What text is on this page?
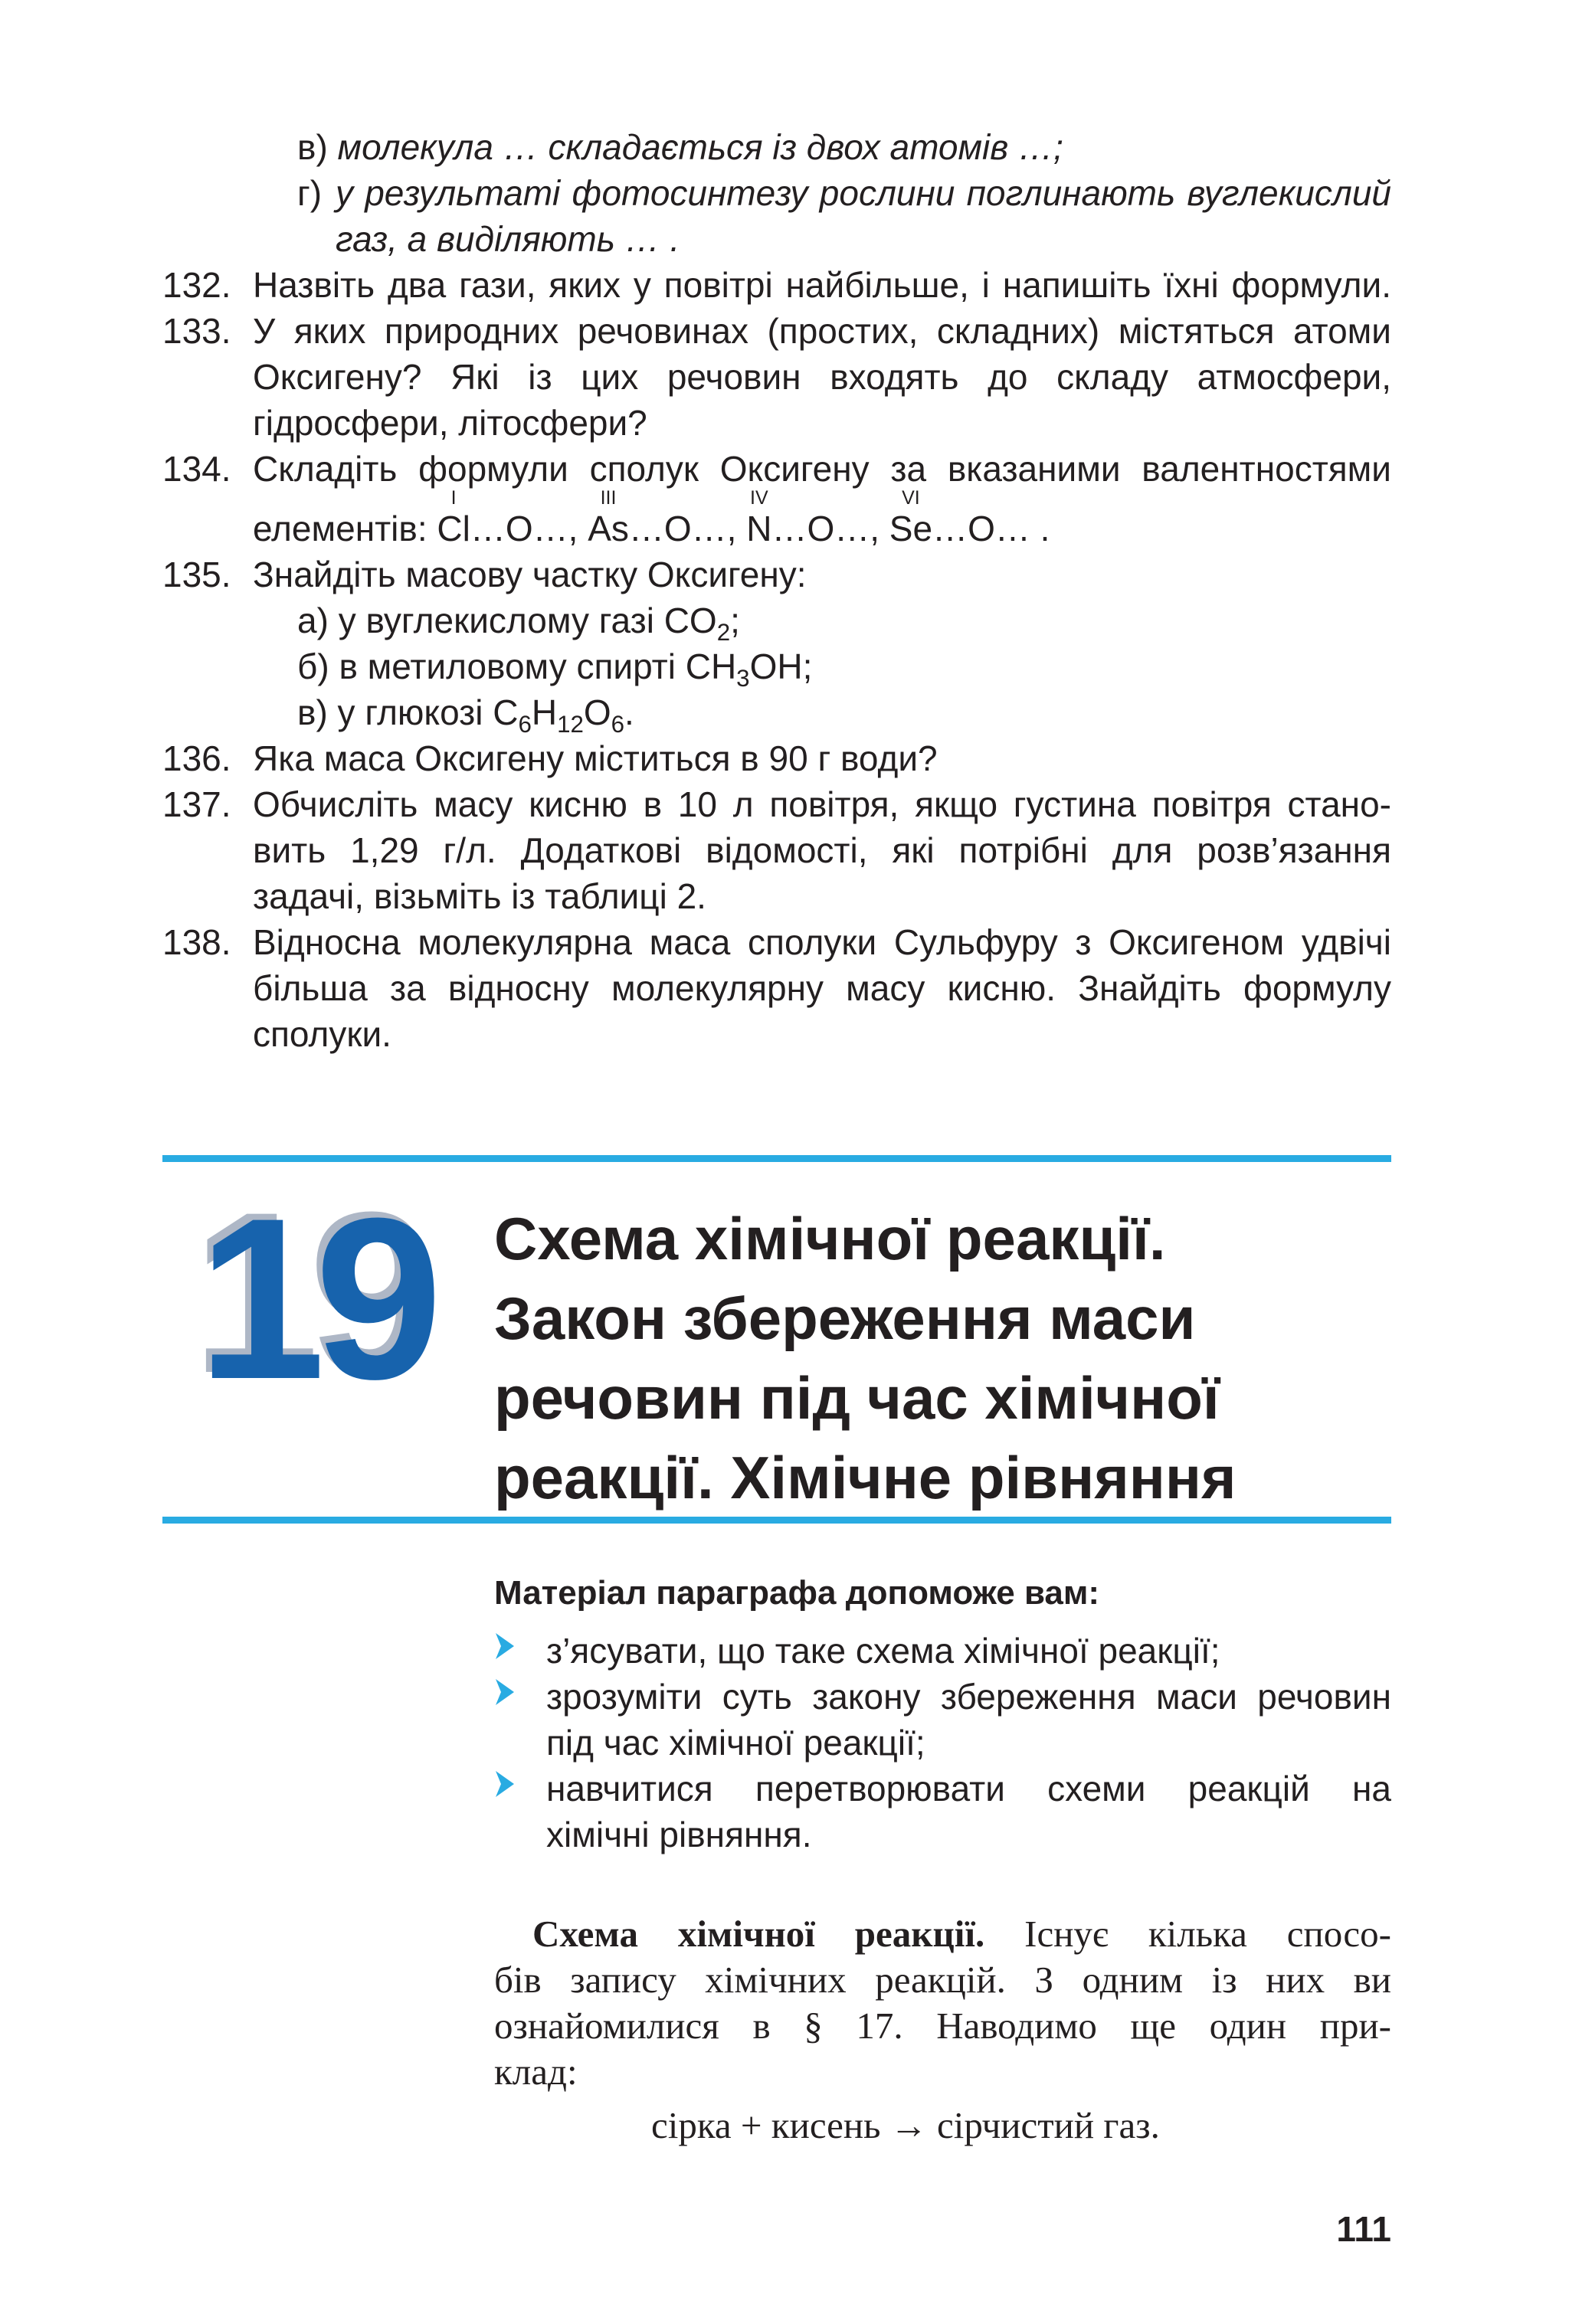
в) молекула … складається із двох атомів …;
г) у результаті фотосинтезу рослини поглинають вуглекислий
газ, а виділяють … .
132. Назвіть два гази, яких у повітрі найбільше, і напишіть їхні формули.
133. У яких природних речовинах (простих, складних) містяться атоми
Оксигену? Які із цих речовин входять до складу атмосфери,
гідросфери, літосфери?
134. Складіть формули сполук Оксигену за вказаними валентностями
елементів:
I
Cl…O…,
III
As…O…,
IV
N…O…,
VI
Se…O… .
135. Знайдіть масову частку Оксигену:
а) у вуглекислому газі $CO_2$;
б) в метиловому спирті $CH_3OH$;
в) у глюкозі $C_6H_{12}O_6$.
136. Яка маса Оксигену міститься в 90 г води?
137. Обчисліть масу кисню в 10 л повітря, якщо густина повітря стано-
вить 1,29 г/л. Додаткові відомості, які потрібні для розв’язання
задачі, візьміть із таблиці 2.
138. Відносна молекулярна маса сполуки Сульфуру з Оксигеном удвічі
більша за відносну молекулярну масу кисню. Знайдіть формулу
сполуки.
19 Схема хімічної реакції.
Закон збереження маси
речовин під час хімічної
реакції. Хімічне рівняння
Матеріал параграфа допоможе вам:
з’ясувати, що таке схема хімічної реакції;
зрозуміти суть закону збереження маси речовин
під час хімічної реакції;
навчитися перетворювати схеми реакцій на
хімічні рівняння.
Схема хімічної реакції. Існує кілька спосо-
бів запису хімічних реакцій. З одним із них ви
ознайомилися в § 17. Наводимо ще один при-
клад:
сірка + кисень → сірчистий газ.
111
